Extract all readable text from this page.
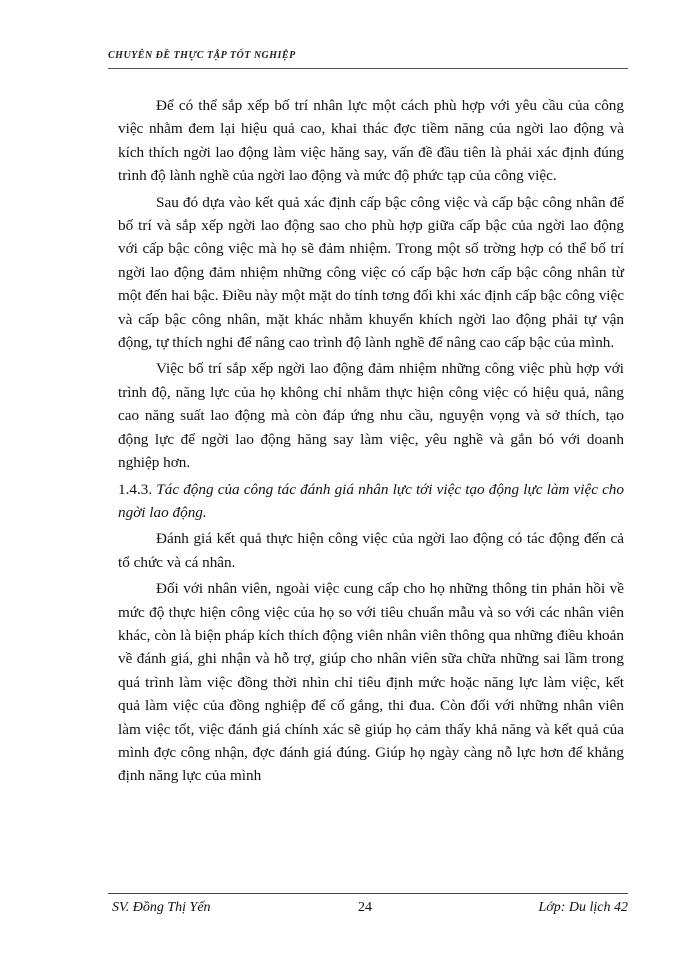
CHUYÊN ĐỀ THỰC TẬP TỐT NGHIỆP

Để có thể sắp xếp bố trí nhân lực một cách phù hợp với yêu cầu của công việc nhằm đem lại hiệu quả cao, khai thác đợc tiềm năng của ngời lao động và kích thích ngời lao động làm việc hăng say, vấn đề đầu tiên là phải xác định đúng trình độ lành nghề của ngời lao động và mức độ phức tạp của công việc.

Sau đó dựa vào kết quả xác định cấp bậc công việc và cấp bậc công nhân để bố trí và sắp xếp ngời lao động sao cho phù hợp giữa cấp bậc của ngời lao động với cấp bậc công việc mà họ sẽ đảm nhiệm. Trong một số trờng hợp có thể bố trí ngời lao động đảm nhiệm những công việc có cấp bậc hơn cấp bậc công nhân từ một đến hai bậc. Điều này một mặt do tính tơng đối khi xác định cấp bậc công việc và cấp bậc công nhân, mặt khác nhằm khuyến khích ngời lao động phải tự vận động, tự thích nghi để nâng cao trình độ lành nghề để nâng cao cấp bậc của mình.

Việc bố trí sắp xếp ngời lao động đảm nhiệm những công việc phù hợp với trình độ, năng lực của họ không chỉ nhằm thực hiện công việc có hiệu quả, nâng cao năng suất lao động mà còn đáp ứng nhu cầu, nguyện vọng và sở thích, tạo động lực để ngời lao động hăng say làm việc, yêu nghề và gắn bó với doanh nghiệp hơn.

1.4.3. Tác động của công tác đánh giá nhân lực tới việc tạo động lực làm việc cho ngời lao động.

Đánh giá kết quả thực hiện công việc của ngời lao động có tác động đến cả tổ chức và cá nhân.

Đối với nhân viên, ngoài việc cung cấp cho họ những thông tin phản hồi về mức độ thực hiện công việc của họ so với tiêu chuẩn mẫu và so với các nhân viên khác, còn là biện pháp kích thích động viên nhân viên thông qua những điều khoản về đánh giá, ghi nhận và hỗ trợ, giúp cho nhân viên sữa chữa những sai lầm trong quá trình làm việc đồng thời nhìn chỉ tiêu định mức hoặc năng lực làm việc, kết quả làm việc của đồng nghiệp để cố gắng, thi đua. Còn đối với những nhân viên làm việc tốt, việc đánh giá chính xác sẽ giúp họ cảm thấy khả năng và kết quả của mình đợc công nhận, đợc đánh giá đúng. Giúp họ ngày càng nỗ lực hơn để khẳng định năng lực của mình

SV. Đồng Thị Yến	24	Lớp: Du lịch 42
